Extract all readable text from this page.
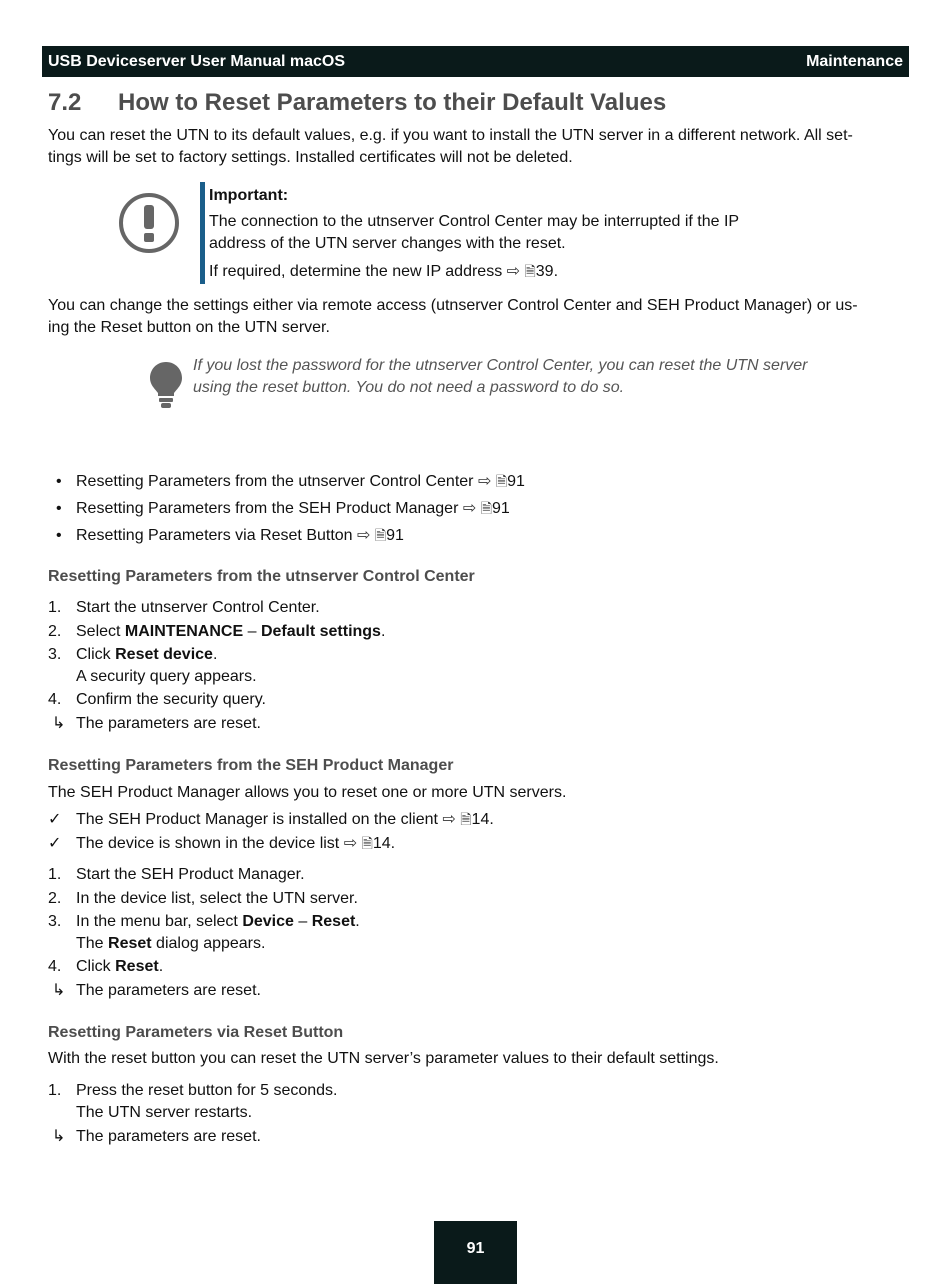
USB Deviceserver User Manual macOS	Maintenance
7.2 How to Reset Parameters to their Default Values
You can reset the UTN to its default values, e.g. if you want to install the UTN server in a different network. All set-
tings will be set to factory settings. Installed certificates will not be deleted.
Important:
The connection to the utnserver Control Center may be interrupted if the IP
address of the UTN server changes with the reset.
If required, determine the new IP address ⇨ 🗎39.
You can change the settings either via remote access (utnserver Control Center and SEH Product Manager) or us-
ing the Reset button on the UTN server.
If you lost the password for the utnserver Control Center, you can reset the UTN server
using the reset button. You do not need a password to do so.
• Resetting Parameters from the utnserver Control Center ⇨ 🗎91
• Resetting Parameters from the SEH Product Manager ⇨ 🗎91
• Resetting Parameters via Reset Button ⇨ 🗎91
Resetting Parameters from the utnserver Control Center
1. Start the utnserver Control Center.
2. Select MAINTENANCE – Default settings.
3. Click Reset device.
A security query appears.
4. Confirm the security query.
↳ The parameters are reset.
Resetting Parameters from the SEH Product Manager
The SEH Product Manager allows you to reset one or more UTN servers.
✓ The SEH Product Manager is installed on the client ⇨ 🗎14.
✓ The device is shown in the device list ⇨ 🗎14.
1. Start the SEH Product Manager.
2. In the device list, select the UTN server.
3. In the menu bar, select Device – Reset.
The Reset dialog appears.
4. Click Reset.
↳ The parameters are reset.
Resetting Parameters via Reset Button
With the reset button you can reset the UTN server’s parameter values to their default settings.
1. Press the reset button for 5 seconds.
The UTN server restarts.
↳ The parameters are reset.
91
